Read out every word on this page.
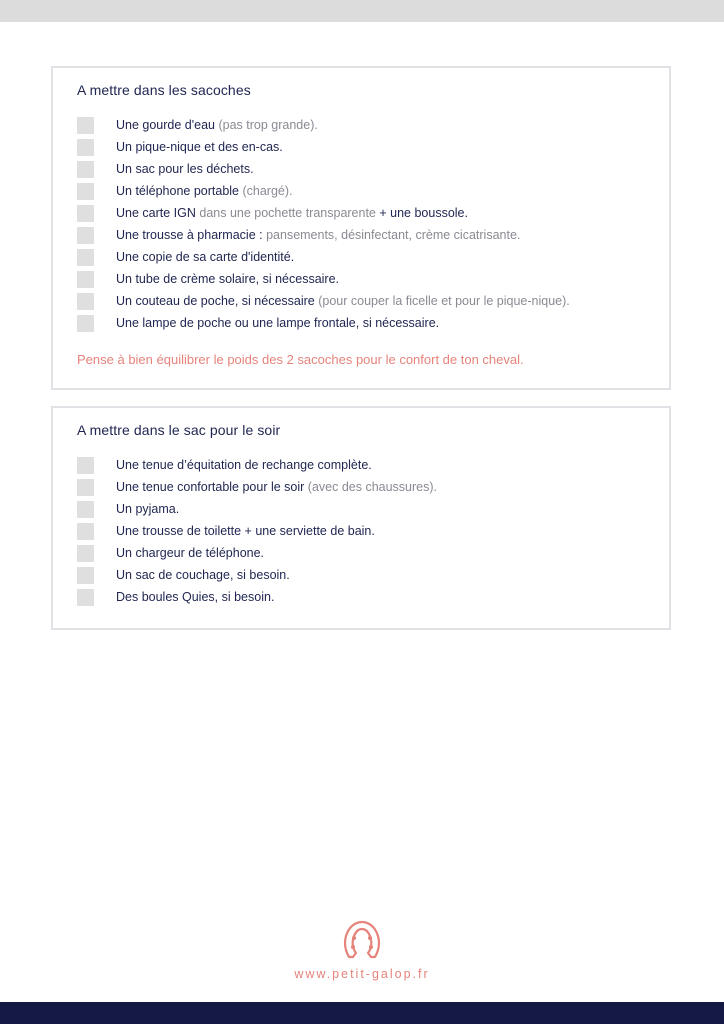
A mettre dans les sacoches
Une gourde d'eau (pas trop grande).
Un pique-nique et des en-cas.
Un sac pour les déchets.
Un téléphone portable (chargé).
Une carte IGN dans une pochette transparente + une boussole.
Une trousse à pharmacie : pansements, désinfectant, crème cicatrisante.
Une copie de sa carte d'identité.
Un tube de crème solaire, si nécessaire.
Un couteau de poche, si nécessaire (pour couper la ficelle et pour le pique-nique).
Une lampe de poche ou une lampe frontale, si nécessaire.
Pense à bien équilibrer le poids des 2 sacoches pour le confort de ton cheval.
A mettre dans le sac pour le soir
Une tenue d’équitation de rechange complète.
Une tenue confortable pour le soir (avec des chaussures).
Un pyjama.
Une trousse de toilette + une serviette de bain.
Un chargeur de téléphone.
Un sac de couchage, si besoin.
Des boules Quies, si besoin.
www.petit-galop.fr
